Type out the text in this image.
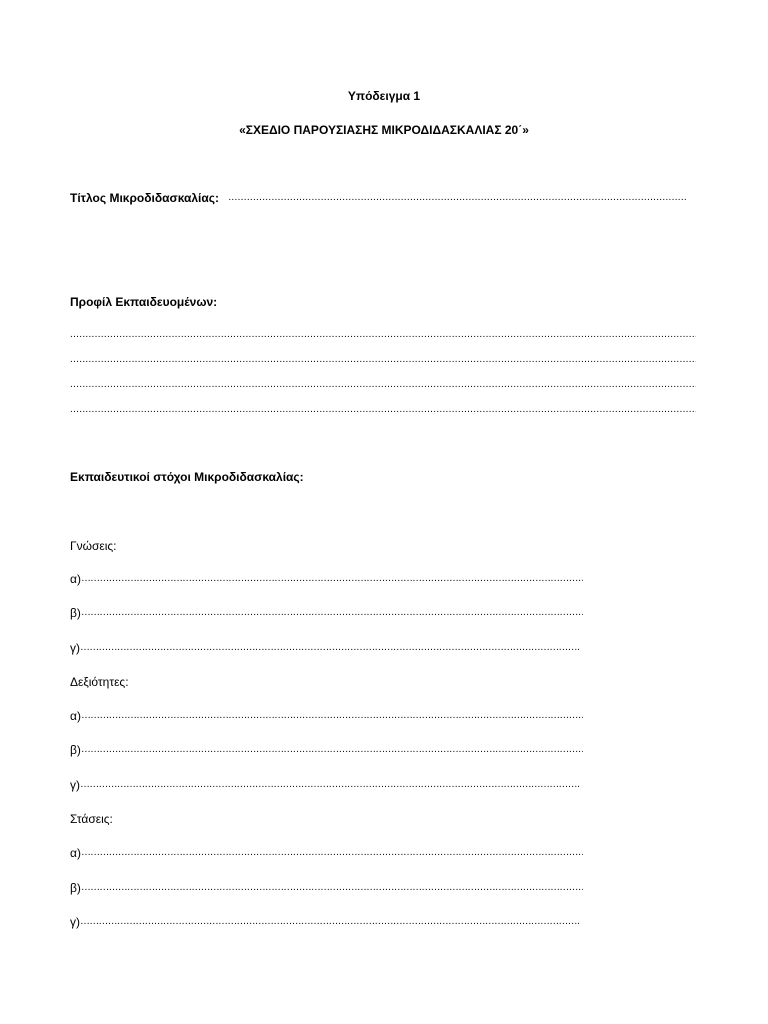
Υπόδειγμα 1
«ΣΧΕΔΙΟ ΠΑΡΟΥΣΙΑΣΗΣ ΜΙΚΡΟΔΙΔΑΣΚΑΛΙΑΣ 20΄»
Τίτλος Μικροδιδασκαλίας: .....
Προφίλ Εκπαιδευομένων:
.....
.....
.....
.....
Εκπαιδευτικοί στόχοι Μικροδιδασκαλίας:
Γνώσεις:
α)……………………………………………………………………………………………………………………………………………………………………………………………………
β)……………………………………………………………………………………………………………………………………………………………………………………………………
γ)……………………………………………………………………………………………………………………………………………………………………………………………………
Δεξιότητες:
α)……………………………………………………………………………………………………………………………………………………………………………………………………
β)……………………………………………………………………………………………………………………………………………………………………………………………………
γ)……………………………………………………………………………………………………………………………………………………………………………………………………
Στάσεις:
α)……………………………………………………………………………………………………………………………………………………………………………………………………
β)……………………………………………………………………………………………………………………………………………………………………………………………………
γ)……………………………………………………………………………………………………………………………………………………………………………………………………
